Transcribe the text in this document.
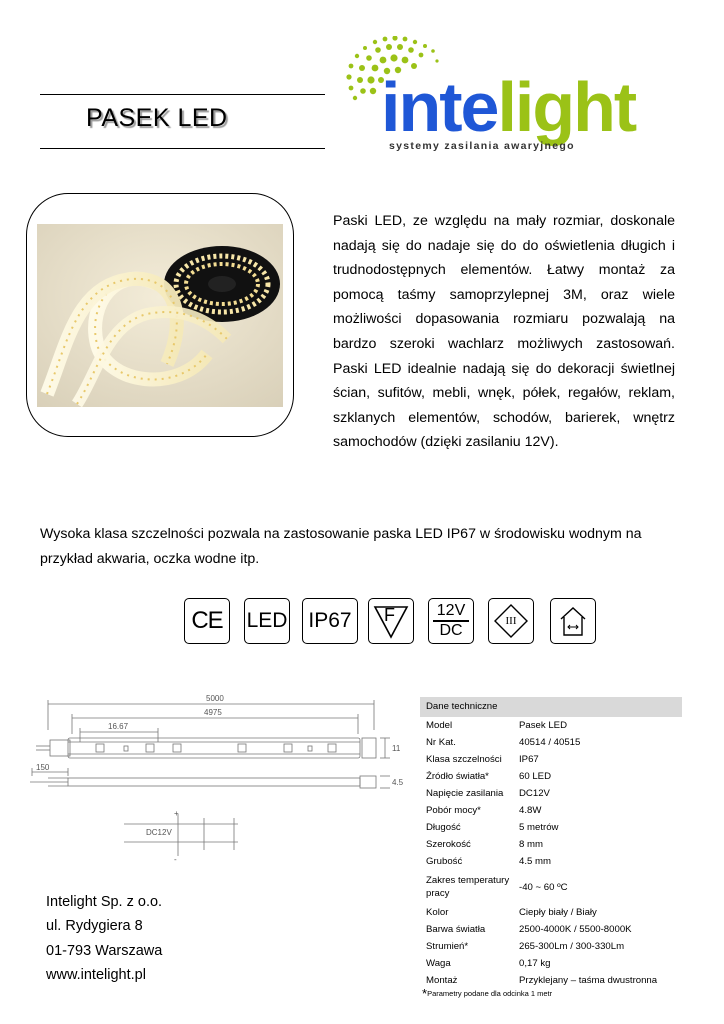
PASEK LED intelight
systemy zasilania awaryjnego
Paski LED, ze względu na mały rozmiar, doskonale nadają się do nadaje się do do oświetlenia długich i trudnodostępnych elementów. Łatwy montaż za pomocą taśmy samoprzylepnej 3M, oraz wiele możliwości dopasowania rozmiaru pozwalają na bardzo szeroki wachlarz możliwych zastosowań. Paski LED idealnie nadają się do dekoracji świetlnej ścian, sufitów, mebli, wnęk, półek, regałów, reklam, szklanych elementów, schodów, barierek, wnętrz samochodów (dzięki zasilaniu 12V).
Wysoka klasa szczelności pozwala na zastosowanie paska LED IP67 w środowisku wodnym na przykład akwaria, oczka wodne itp.
CE LED IP67 F	12V
DC
III
5000
4975
16.67
150
11
4.5
DC12V
+
-
Intelight Sp. z o.o.
ul. Rydygiera 8
01-793 Warszawa
www.intelight.pl
Dane techniczne
Model	Pasek LED
Nr Kat.	40514 / 40515
Klasa szczelności	IP67
Źródło światła*	60 LED
Napięcie zasilania	DC12V
Pobór mocy*	4.8W
Długość	5 metrów
Szerokość	8 mm
Grubość	4.5 mm
Zakres temperatury pracy
-40 ~ 60 ºC
Kolor	Ciepły biały / Biały
Barwa światła	2500-4000K / 5500-8000K
Strumień*	265-300Lm / 300-330Lm
Waga	0,17 kg
Montaż	Przyklejany – taśma dwustronna
*Parametry podane dla odcinka 1 metr
